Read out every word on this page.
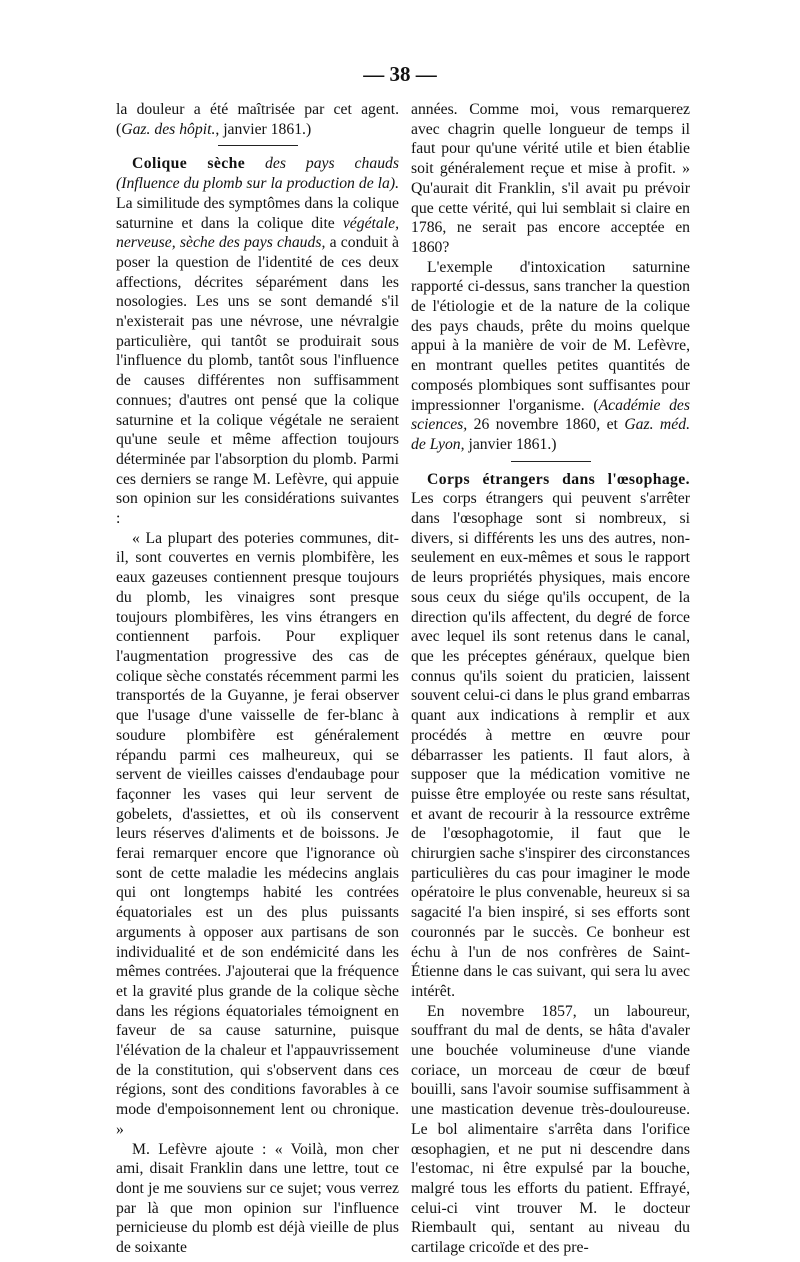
— 38 —

la douleur a été maîtrisée par cet agent. (Gaz. des hôpit., janvier 1861.)

Colique sèche des pays chauds (Influence du plomb sur la production de la). La similitude des symptômes dans la colique saturnine et dans la colique dite végétale, nerveuse, sèche des pays chauds, a conduit à poser la question de l'identité de ces deux affections, décrites séparément dans les nosologies. Les uns se sont demandé s'il n'existerait pas une névrose, une névralgie particulière, qui tantôt se produirait sous l'influence du plomb, tantôt sous l'influence de causes différentes non suffisamment connues; d'autres ont pensé que la colique saturnine et la colique végétale ne seraient qu'une seule et même affection toujours déterminée par l'absorption du plomb. Parmi ces derniers se range M. Lefèvre, qui appuie son opinion sur les considérations suivantes :

« La plupart des poteries communes, dit-il, sont couvertes en vernis plombifère, les eaux gazeuses contiennent presque toujours du plomb, les vinaigres sont presque toujours plombifères, les vins étrangers en contiennent parfois. Pour expliquer l'augmentation progressive des cas de colique sèche constatés récemment parmi les transportés de la Guyanne, je ferai observer que l'usage d'une vaisselle de fer-blanc à soudure plombifère est généralement répandu parmi ces malheureux, qui se servent de vieilles caisses d'endaubage pour façonner les vases qui leur servent de gobelets, d'assiettes, et où ils conservent leurs réserves d'aliments et de boissons. Je ferai remarquer encore que l'ignorance où sont de cette maladie les médecins anglais qui ont longtemps habité les contrées équatoriales est un des plus puissants arguments à opposer aux partisans de son individualité et de son endémicité dans les mêmes contrées. J'ajouterai que la fréquence et la gravité plus grande de la colique sèche dans les régions équatoriales témoignent en faveur de sa cause saturnine, puisque l'élévation de la chaleur et l'appauvrissement de la constitution, qui s'observent dans ces régions, sont des conditions favorables à ce mode d'empoisonnement lent ou chronique. »

M. Lefèvre ajoute : « Voilà, mon cher ami, disait Franklin dans une lettre, tout ce dont je me souviens sur ce sujet; vous verrez par là que mon opinion sur l'influence pernicieuse du plomb est déjà vieille de plus de soixante

années. Comme moi, vous remarquerez avec chagrin quelle longueur de temps il faut pour qu'une vérité utile et bien établie soit généralement reçue et mise à profit. » Qu'aurait dit Franklin, s'il avait pu prévoir que cette vérité, qui lui semblait si claire en 1786, ne serait pas encore acceptée en 1860?

L'exemple d'intoxication saturnine rapporté ci-dessus, sans trancher la question de l'étiologie et de la nature de la colique des pays chauds, prête du moins quelque appui à la manière de voir de M. Lefèvre, en montrant quelles petites quantités de composés plombiques sont suffisantes pour impressionner l'organisme. (Académie des sciences, 26 novembre 1860, et Gaz. méd. de Lyon, janvier 1861.)

Corps étrangers dans l'œsophage. Les corps étrangers qui peuvent s'arrêter dans l'œsophage sont si nombreux, si divers, si différents les uns des autres, non-seulement en eux-mêmes et sous le rapport de leurs propriétés physiques, mais encore sous ceux du siége qu'ils occupent, de la direction qu'ils affectent, du degré de force avec lequel ils sont retenus dans le canal, que les préceptes généraux, quelque bien connus qu'ils soient du praticien, laissent souvent celui-ci dans le plus grand embarras quant aux indications à remplir et aux procédés à mettre en œuvre pour débarrasser les patients. Il faut alors, à supposer que la médication vomitive ne puisse être employée ou reste sans résultat, et avant de recourir à la ressource extrême de l'œsophagotomie, il faut que le chirurgien sache s'inspirer des circonstances particulières du cas pour imaginer le mode opératoire le plus convenable, heureux si sa sagacité l'a bien inspiré, si ses efforts sont couronnés par le succès. Ce bonheur est échu à l'un de nos confrères de Saint-Étienne dans le cas suivant, qui sera lu avec intérêt.

En novembre 1857, un laboureur, souffrant du mal de dents, se hâta d'avaler une bouchée volumineuse d'une viande coriace, un morceau de cœur de bœuf bouilli, sans l'avoir soumise suffisamment à une mastication devenue très-douloureuse. Le bol alimentaire s'arrêta dans l'orifice œsophagien, et ne put ni descendre dans l'estomac, ni être expulsé par la bouche, malgré tous les efforts du patient. Effrayé, celui-ci vint trouver M. le docteur Riembault qui, sentant au niveau du cartilage cricoïde et des pre-
